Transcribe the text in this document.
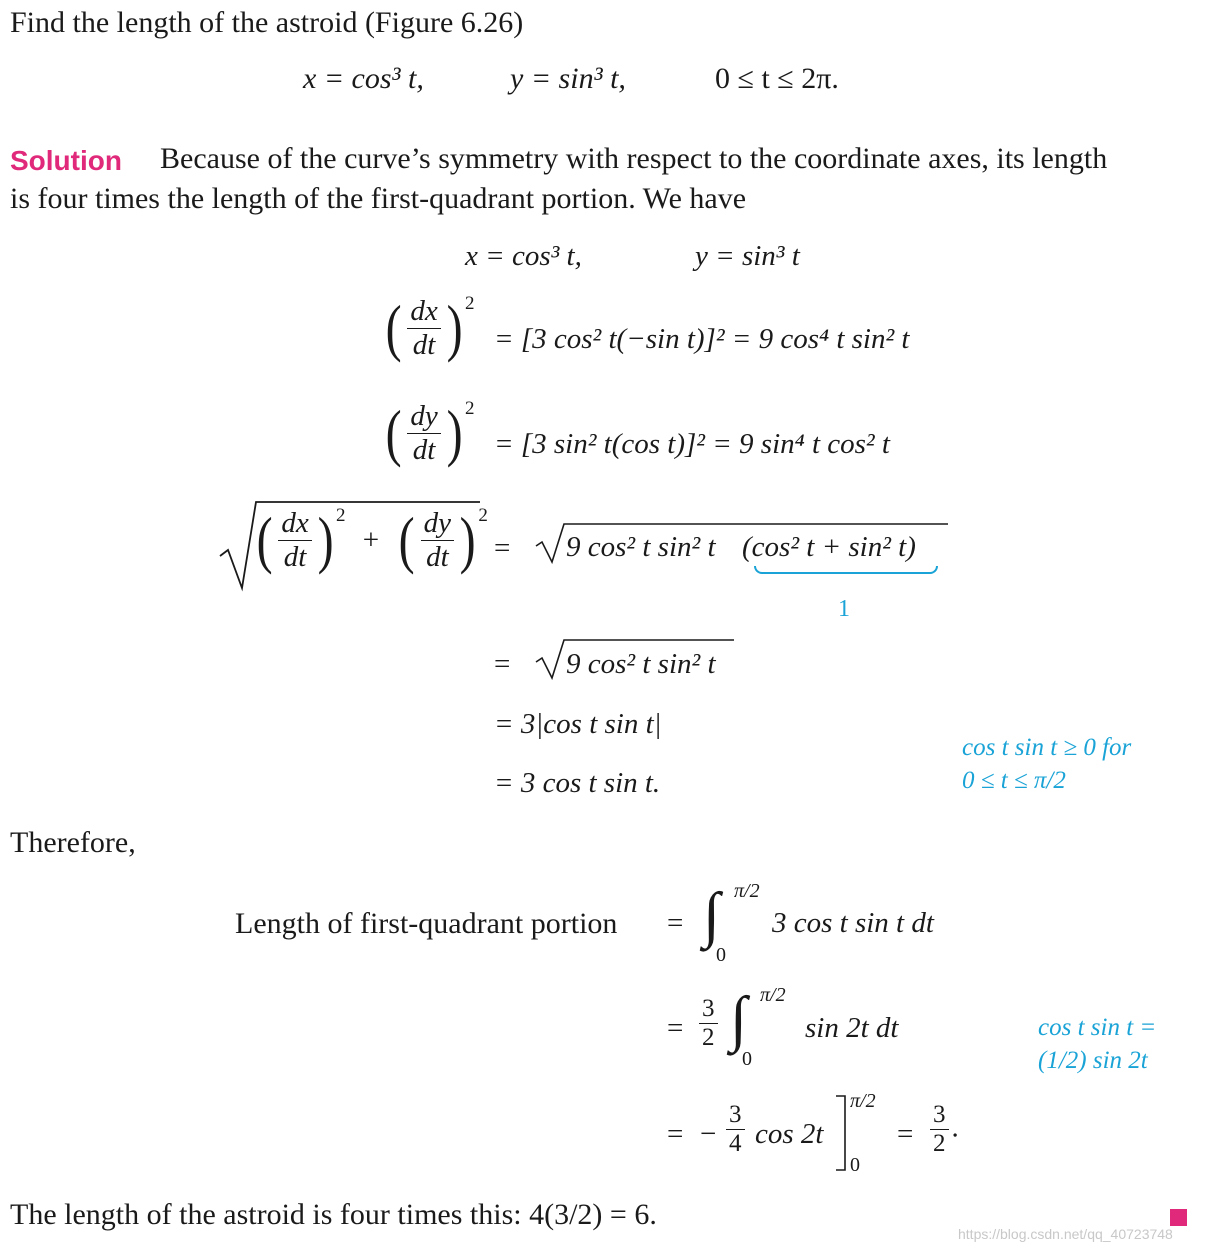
Find the length of the astroid (Figure 6.26)
x = cos³ t,	y = sin³ t,	0 ≤ t ≤ 2π.
Solution Because of the curve’s symmetry with respect to the coordinate axes, its length
is four times the length of the first-quadrant portion. We have
x = cos³ t,	y = sin³ t
( $\frac{dx}{dt}$ ) 2
= [3 cos² t(−sin t)]² = 9 cos⁴ t sin² t
( $\frac{dy}{dt}$ ) 2
= [3 sin² t(cos t)]² = 9 sin⁴ t cos² t
( $\frac{dx}{dt}$ ) 2 + ( $\frac{dy}{dt}$ ) 2
= 9 cos² t sin² t (cos² t + sin² t)
1
= 9 cos² t sin² t
= 3|cos t sin t|
= 3 cos t sin t.
cos t sin t ≥ 0 for
0 ≤ t ≤ π/2
Therefore,
Length of first-quadrant portion = ∫ π/2
0
3 cos t sin t dt
= $\frac{3}{2}$ ∫ π/2
0
sin 2t dt	cos t sin t =
(1/2) sin 2t
= − $\frac{3}{4}$ cos 2t
π/2
0
= $\frac{3}{2}$ .
The length of the astroid is four times this: 4(3/2) = 6.
https://blog.csdn.net/qq_40723748
